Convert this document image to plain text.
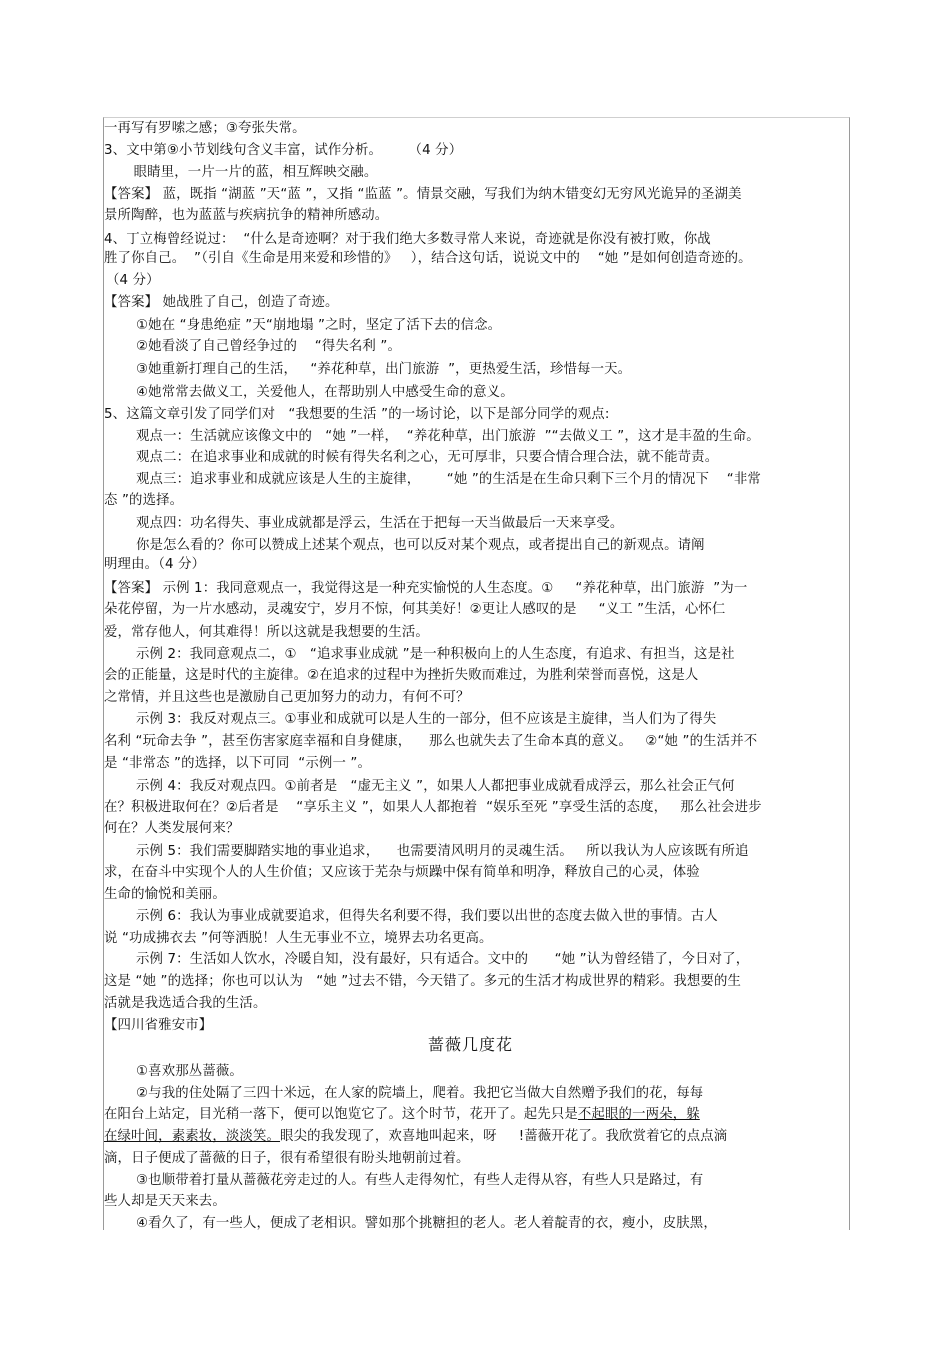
一再写有罗嗦之感；③夸张失常。
3、文中第⑨小节划线句含义丰富，试作分析。      （4 分）
眼睛里，一片一片的蓝，相互辉映交融。
【答案】 蓝，既指 “湖蓝 ”天“蓝 ”，又指 “监蓝 ”。情景交融，写我们为纳木错变幻无穷风光诡异的圣湖美
景所陶醉，也为蓝蓝与疾病抗争的精神所感动。
4、丁立梅曾经说过：  “什么是奇迹啊？对于我们绝大多数寻常人来说，奇迹就是你没有被打败，你战
胜了你自己。  ”（引自《生命是用来爱和珍惜的》   ），结合这句话，说说文中的    “她 ”是如何创造奇迹的。
（4 分）
【答案】 她战胜了自己，创造了奇迹。
①她在 “身患绝症 ”天“崩地塌 ”之时，坚定了活下去的信念。
②她看淡了自己曾经争过的    “得失名利 ”。
③她重新打理自己的生活，   “养花种草，出门旅游  ”，更热爱生活，珍惜每一天。
④她常常去做义工，关爱他人，在帮助别人中感受生命的意义。
5、这篇文章引发了同学们对   “我想要的生活 ”的一场讨论，以下是部分同学的观点:
观点一：生活就应该像文中的   “她 ”一样，  “养花种草，出门旅游  ”“去做义工 ”，这才是丰盈的生命。
观点二：在追求事业和成就的时候有得失名利之心，无可厚非，只要合情合理合法，就不能苛责。
观点三：追求事业和成就应该是人生的主旋律，      “她 ”的生活是在生命只剩下三个月的情况下    “非常
态 ”的选择。
观点四：功名得失、事业成就都是浮云，生活在于把每一天当做最后一天来享受。
你是怎么看的？你可以赞成上述某个观点，也可以反对某个观点，或者提出自己的新观点。请阐
明理由。（4 分）
【答案】 示例 1：我同意观点一，我觉得这是一种充实愉悦的人生态度。①     “养花种草，出门旅游  ”为一
朵花停留，为一片水感动，灵魂安宁，岁月不惊，何其美好！②更让人感叹的是     “义工 ”生活，心怀仁
爱，常存他人，何其难得！所以这就是我想要的生活。
示例 2：我同意观点二，①   “追求事业成就 ”是一种积极向上的人生态度，有追求、有担当，这是社
会的正能量，这是时代的主旋律。②在追求的过程中为挫折失败而难过，为胜利荣誉而喜悦，这是人
之常情，并且这些也是激励自己更加努力的动力，有何不可？
示例 3：我反对观点三。①事业和成就可以是人生的一部分，但不应该是主旋律，当人们为了得失
名利 “玩命去争 ”，甚至伤害家庭幸福和自身健康，    那么也就失去了生命本真的意义。   ②“她 ”的生活并不
是 “非常态 ”的选择，以下可同  “示例一 ”。
示例 4：我反对观点四。①前者是   “虚无主义 ”，如果人人都把事业成就看成浮云，那么社会正气何
在？积极进取何在？②后者是    “享乐主义 ”，如果人人都抱着  “娱乐至死 ”享受生活的态度，   那么社会进步
何在？人类发展何来？
示例 5：我们需要脚踏实地的事业追求，    也需要清风明月的灵魂生活。   所以我认为人应该既有所追
求，在奋斗中实现个人的人生价值；又应该于芜杂与烦躁中保有简单和明净，释放自己的心灵，体验
生命的愉悦和美丽。
示例 6：我认为事业成就要追求，但得失名利要不得，我们要以出世的态度去做入世的事情。古人
说 “功成拂衣去 ”何等洒脱！人生无事业不立，境界去功名更高。
示例 7：生活如人饮水，冷暖自知，没有最好，只有适合。文中的      “她 ”认为曾经错了，今日对了，
这是 “她 ”的选择；你也可以认为   “她 ”过去不错，今天错了。多元的生活才构成世界的精彩。我想要的生
活就是我选适合我的生活。
【四川省雅安市】
蔷薇几度花
①喜欢那丛蔷薇。
②与我的住处隔了三四十米远，在人家的院墙上，爬着。我把它当做大自然赠予我们的花，每每
在阳台上站定，目光稍一落下，便可以饱览它了。这个时节，花开了。起先只是不起眼的一两朵，躲
在绿叶间，素素妆，淡淡笑。眼尖的我发现了，欢喜地叫起来，呀     !蔷薇开花了。我欣赏着它的点点滴
滴，日子便成了蔷薇的日子，很有希望很有盼头地朝前过着。
③也顺带着打量从蔷薇花旁走过的人。有些人走得匆忙，有些人走得从容，有些人只是路过，有
些人却是天天来去。
④看久了，有一些人，便成了老相识。譬如那个挑糖担的老人。老人着靛青的衣，瘦小，皮肤黑，
